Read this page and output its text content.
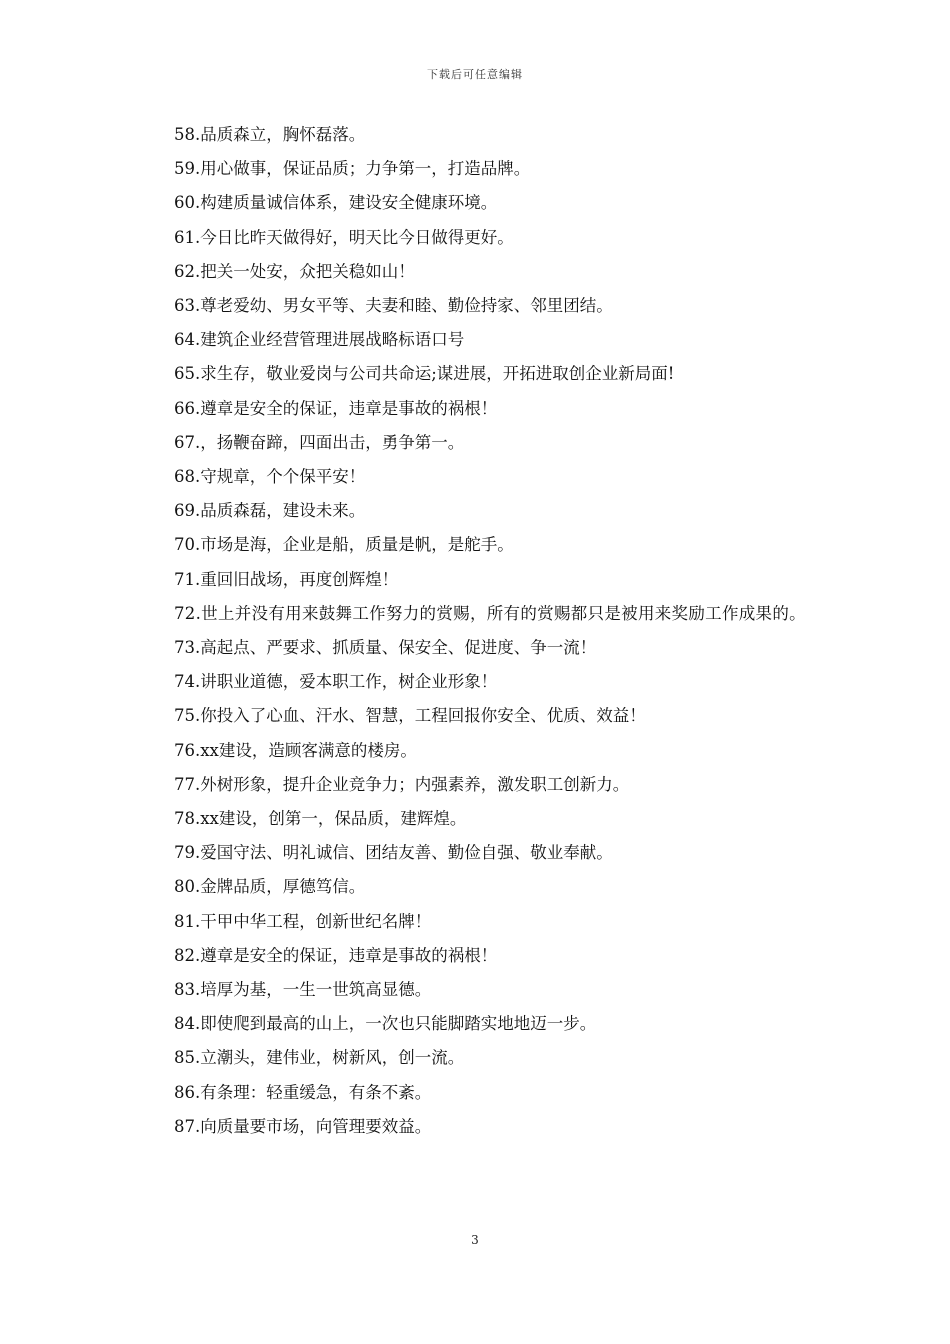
下载后可任意编辑

58.品质森立，胸怀磊落。

59.用心做事，保证品质；力争第一，打造品牌。

60.构建质量诚信体系，建设安全健康环境。

61.今日比昨天做得好，明天比今日做得更好。

62.把关一处安，众把关稳如山！

63.尊老爱幼、男女平等、夫妻和睦、勤俭持家、邻里团结。

64.建筑企业经营管理进展战略标语口号

65.求生存，敬业爱岗与公司共命运;谋进展，开拓进取创企业新局面!

66.遵章是安全的保证，违章是事故的祸根！

67.，扬鞭奋蹄，四面出击，勇争第一。

68.守规章，个个保平安！

69.品质森磊，建设未来。

70.市场是海，企业是船，质量是帆，是舵手。

71.重回旧战场，再度创辉煌！

72.世上并没有用来鼓舞工作努力的赏赐，所有的赏赐都只是被用来奖励工作成果的。

73.高起点、严要求、抓质量、保安全、促进度、争一流！

74.讲职业道德，爱本职工作，树企业形象！

75.你投入了心血、汗水、智慧，工程回报你安全、优质、效益！

76.xx建设，造顾客满意的楼房。

77.外树形象，提升企业竞争力；内强素养，激发职工创新力。

78.xx建设，创第一，保品质，建辉煌。

79.爱国守法、明礼诚信、团结友善、勤俭自强、敬业奉献。

80.金牌品质，厚德笃信。

81.干甲中华工程，创新世纪名牌！

82.遵章是安全的保证，违章是事故的祸根！

83.培厚为基，一生一世筑高显德。

84.即使爬到最高的山上，一次也只能脚踏实地地迈一步。

85.立潮头，建伟业，树新风，创一流。

86.有条理：轻重缓急，有条不紊。

87.向质量要市场，向管理要效益。

3
